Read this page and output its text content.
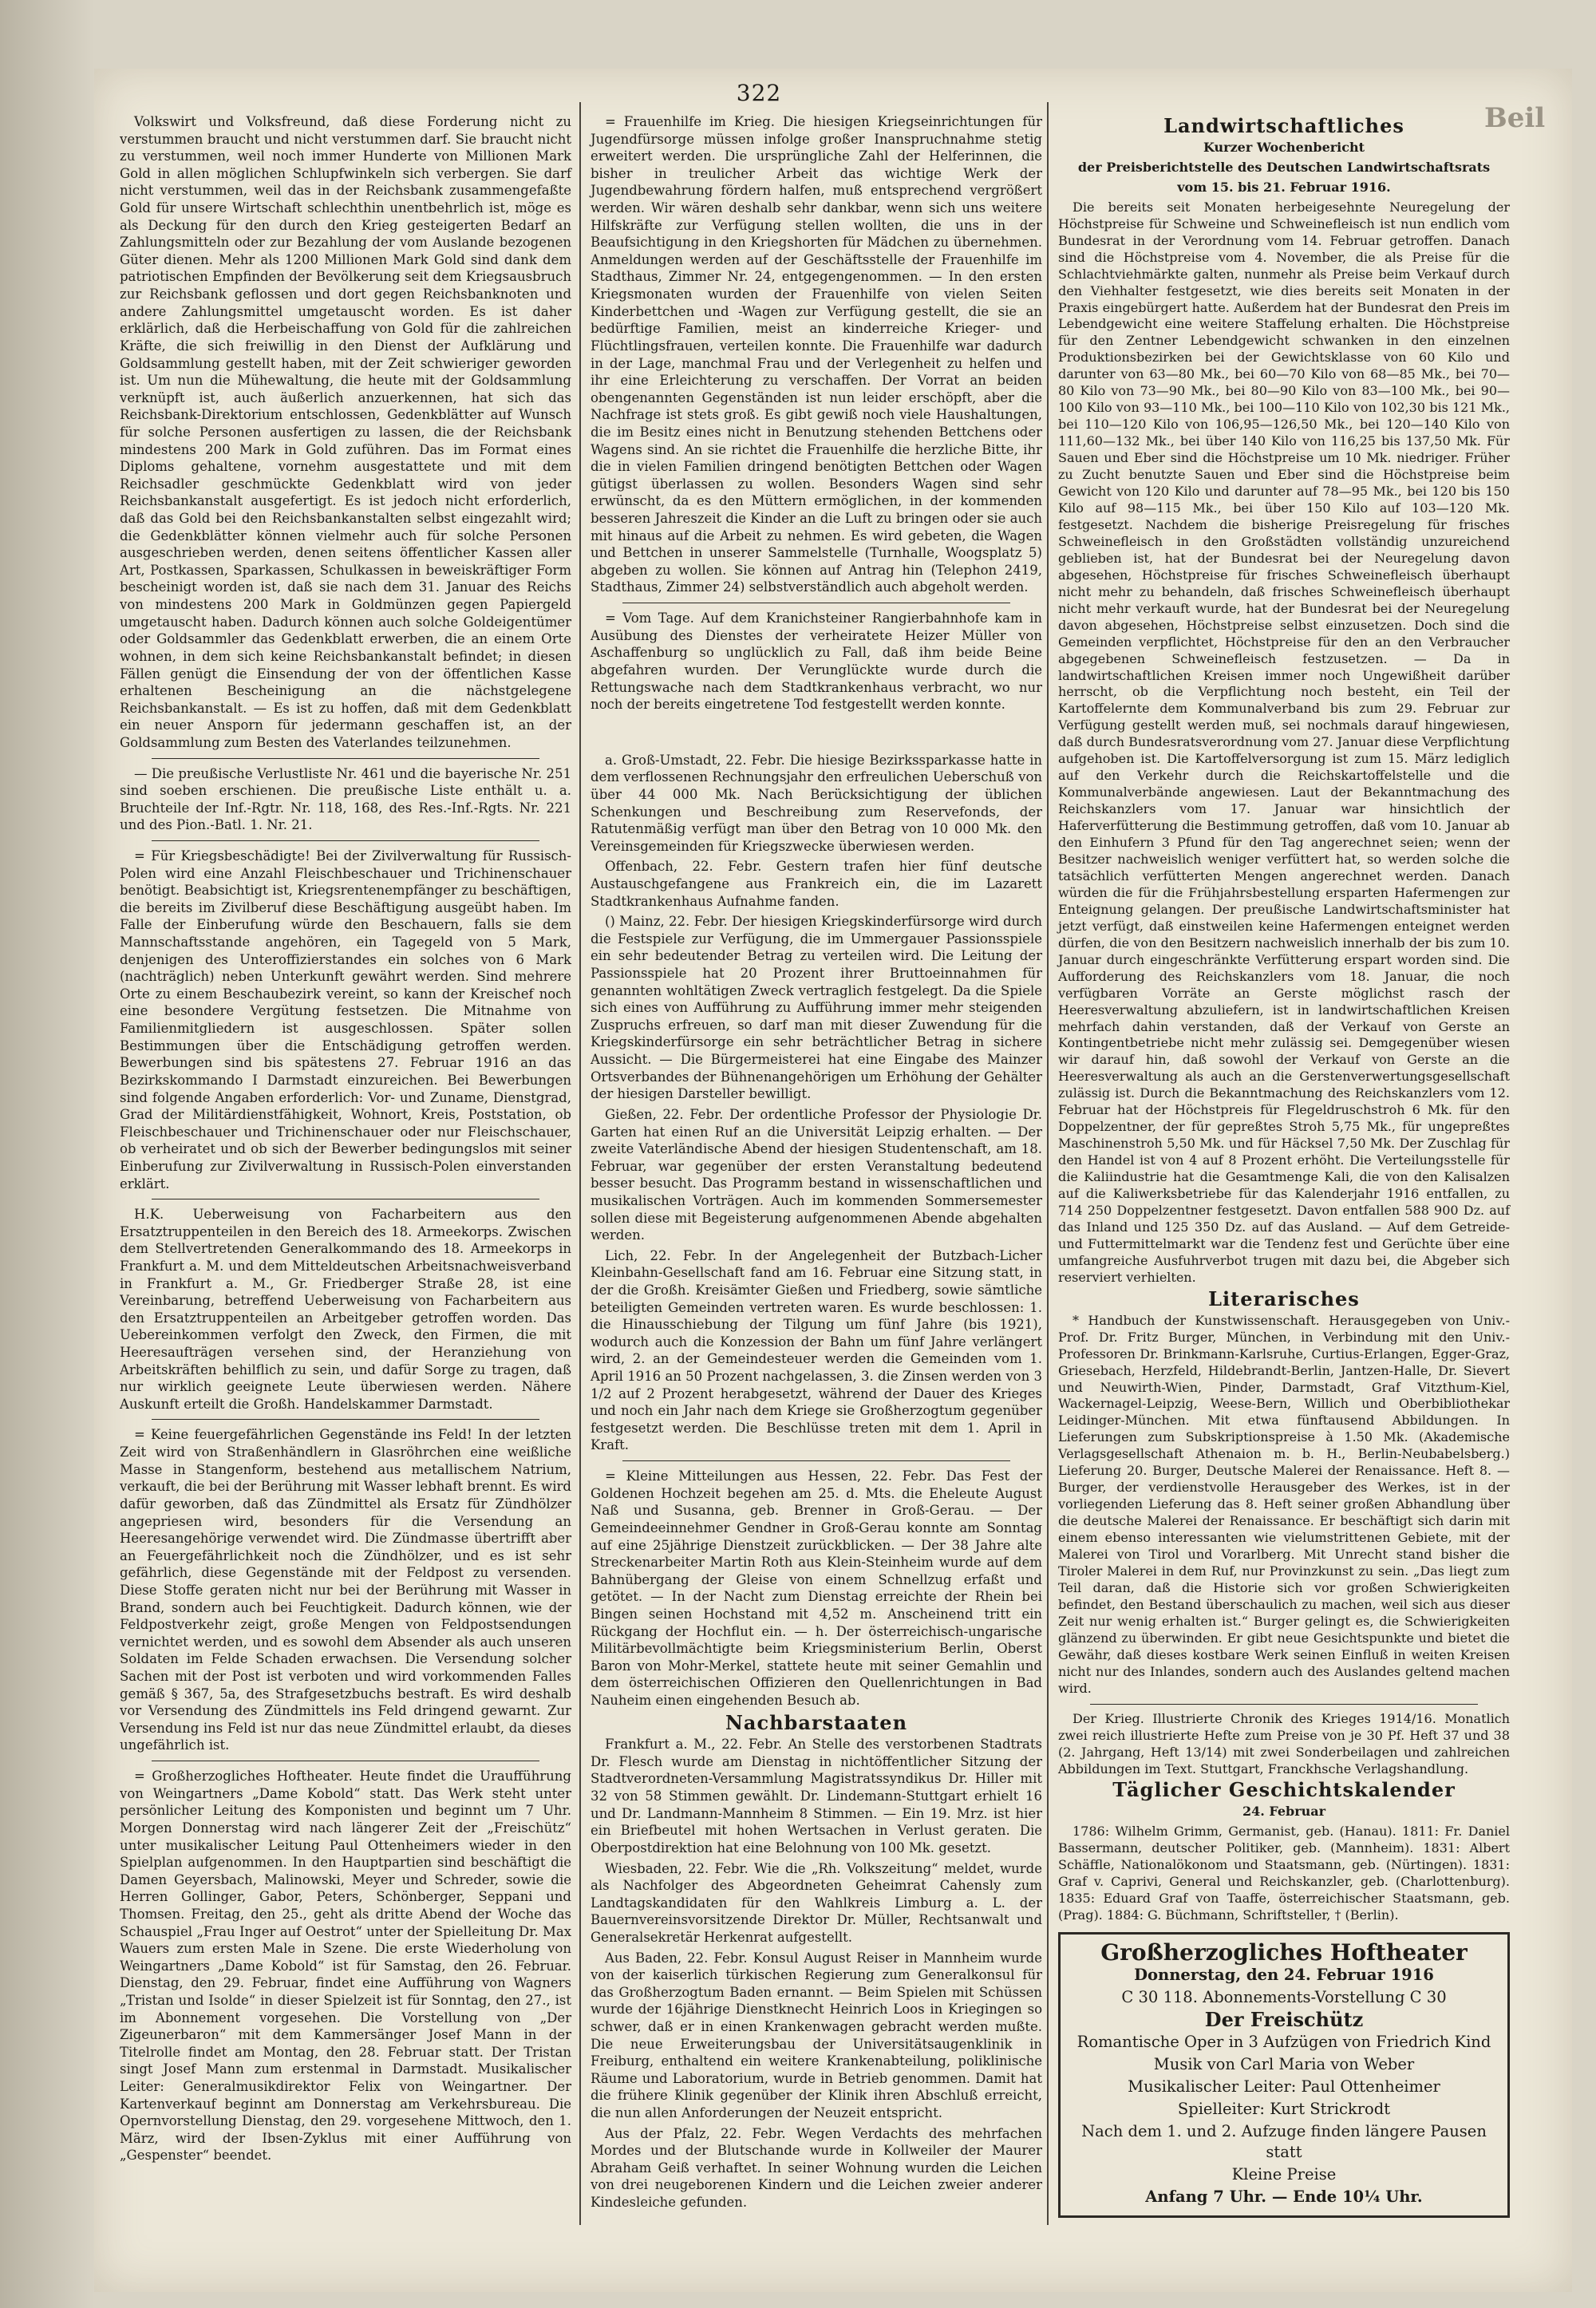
322

Volkswirt und Volksfreund, daß diese Forderung nicht zu verstummen braucht und nicht verstummen darf. Sie braucht nicht zu verstummen, weil noch immer Hunderte von Millionen Mark Gold in allen möglichen Schlupfwinkeln sich verbergen. Sie darf nicht verstummen, weil das in der Reichsbank zusammengefaßte Gold für unsere Wirtschaft schlechthin unentbehrlich ist, möge es als Deckung für den durch den Krieg gesteigerten Bedarf an Zahlungsmitteln oder zur Bezahlung der vom Auslande bezogenen Güter dienen. Mehr als 1200 Millionen Mark Gold sind dank dem patriotischen Empfinden der Bevölkerung seit dem Kriegsausbruch zur Reichsbank geflossen und dort gegen Reichsbanknoten und andere Zahlungsmittel umgetauscht worden. Es ist daher erklärlich, daß die Herbeischaffung von Gold für die zahlreichen Kräfte, die sich freiwillig in den Dienst der Aufklärung und Goldsammlung gestellt haben, mit der Zeit schwieriger geworden ist. Um nun die Mühewaltung, die heute mit der Goldsammlung verknüpft ist, auch äußerlich anzuerkennen, hat sich das Reichsbank-Direktorium entschlossen, Gedenkblätter auf Wunsch für solche Personen ausfertigen zu lassen, die der Reichsbank mindestens 200 Mark in Gold zuführen. Das im Format eines Diploms gehaltene, vornehm ausgestattete und mit dem Reichsadler geschmückte Gedenkblatt wird von jeder Reichsbankanstalt ausgefertigt. Es ist jedoch nicht erforderlich, daß das Gold bei den Reichsbankanstalten selbst eingezahlt wird; die Gedenkblätter können vielmehr auch für solche Personen ausgeschrieben werden, denen seitens öffentlicher Kassen aller Art, Postkassen, Sparkassen, Schulkassen in beweiskräftiger Form bescheinigt worden ist, daß sie nach dem 31. Januar des Reichs von mindestens 200 Mark in Goldmünzen gegen Papiergeld umgetauscht haben. Dadurch können auch solche Goldeigentümer oder Goldsammler das Gedenkblatt erwerben, die an einem Orte wohnen, in dem sich keine Reichsbankanstalt befindet; in diesen Fällen genügt die Einsendung der von der öffentlichen Kasse erhaltenen Bescheinigung an die nächstgelegene Reichsbankanstalt. — Es ist zu hoffen, daß mit dem Gedenkblatt ein neuer Ansporn für jedermann geschaffen ist, an der Goldsammlung zum Besten des Vaterlandes teilzunehmen.

— Die preußische Verlustliste Nr. 461 und die bayerische Nr. 251 sind soeben erschienen. Die preußische Liste enthält u. a. Bruchteile der Inf.-Rgtr. Nr. 118, 168, des Res.-Inf.-Rgts. Nr. 221 und des Pion.-Batl. 1. Nr. 21.

= Für Kriegsbeschädigte! Bei der Zivilverwaltung für Russisch-Polen wird eine Anzahl Fleischbeschauer und Trichinenschauer benötigt. Beabsichtigt ist, Kriegsrentenempfänger zu beschäftigen, die bereits im Zivilberuf diese Beschäftigung ausgeübt haben. Im Falle der Einberufung würde den Beschauern, falls sie dem Mannschaftsstande angehören, ein Tagegeld von 5 Mark, denjenigen des Unteroffizierstandes ein solches von 6 Mark (nachträglich) neben Unterkunft gewährt werden. Sind mehrere Orte zu einem Beschaubezirk vereint, so kann der Kreischef noch eine besondere Vergütung festsetzen. Die Mitnahme von Familienmitgliedern ist ausgeschlossen. Später sollen Bestimmungen über die Entschädigung getroffen werden. Bewerbungen sind bis spätestens 27. Februar 1916 an das Bezirkskommando I Darmstadt einzureichen. Bei Bewerbungen sind folgende Angaben erforderlich: Vor- und Zuname, Dienstgrad, Grad der Militärdienstfähigkeit, Wohnort, Kreis, Poststation, ob Fleischbeschauer und Trichinenschauer oder nur Fleischschauer, ob verheiratet und ob sich der Bewerber bedingungslos mit seiner Einberufung zur Zivilverwaltung in Russisch-Polen einverstanden erklärt.

H.K. Ueberweisung von Facharbeitern aus den Ersatztruppenteilen in den Bereich des 18. Armeekorps. Zwischen dem Stellvertretenden Generalkommando des 18. Armeekorps in Frankfurt a. M. und dem Mitteldeutschen Arbeitsnachweisverband in Frankfurt a. M., Gr. Friedberger Straße 28, ist eine Vereinbarung, betreffend Ueberweisung von Facharbeitern aus den Ersatztruppenteilen an Arbeitgeber getroffen worden. Das Uebereinkommen verfolgt den Zweck, den Firmen, die mit Heeresaufträgen versehen sind, der Heranziehung von Arbeitskräften behilflich zu sein, und dafür Sorge zu tragen, daß nur wirklich geeignete Leute überwiesen werden. Nähere Auskunft erteilt die Großh. Handelskammer Darmstadt.

= Keine feuergefährlichen Gegenstände ins Feld! In der letzten Zeit wird von Straßenhändlern in Glasröhrchen eine weißliche Masse in Stangenform, bestehend aus metallischem Natrium, verkauft, die bei der Berührung mit Wasser lebhaft brennt. Es wird dafür geworben, daß das Zündmittel als Ersatz für Zündhölzer angepriesen wird, besonders für die Versendung an Heeresangehörige verwendet wird. Die Zündmasse übertrifft aber an Feuergefährlichkeit noch die Zündhölzer, und es ist sehr gefährlich, diese Gegenstände mit der Feldpost zu versenden. Diese Stoffe geraten nicht nur bei der Berührung mit Wasser in Brand, sondern auch bei Feuchtigkeit. Dadurch können, wie der Feldpostverkehr zeigt, große Mengen von Feldpostsendungen vernichtet werden, und es sowohl dem Absender als auch unseren Soldaten im Felde Schaden erwachsen. Die Versendung solcher Sachen mit der Post ist verboten und wird vorkommenden Falles gemäß § 367, 5a, des Strafgesetzbuchs bestraft. Es wird deshalb vor Versendung des Zündmittels ins Feld dringend gewarnt. Zur Versendung ins Feld ist nur das neue Zündmittel erlaubt, da dieses ungefährlich ist.

= Großherzogliches Hoftheater. Heute findet die Uraufführung von Weingartners „Dame Kobold“ statt. Das Werk steht unter persönlicher Leitung des Komponisten und beginnt um 7 Uhr. Morgen Donnerstag wird nach längerer Zeit der „Freischütz“ unter musikalischer Leitung Paul Ottenheimers wieder in den Spielplan aufgenommen. In den Hauptpartien sind beschäftigt die Damen Geyersbach, Malinowski, Meyer und Schreder, sowie die Herren Gollinger, Gabor, Peters, Schönberger, Seppani und Thomsen. Freitag, den 25., geht als dritte Abend der Woche das Schauspiel „Frau Inger auf Oestrot“ unter der Spielleitung Dr. Max Wauers zum ersten Male in Szene. Die erste Wiederholung von Weingartners „Dame Kobold“ ist für Samstag, den 26. Februar. Dienstag, den 29. Februar, findet eine Aufführung von Wagners „Tristan und Isolde“ in dieser Spielzeit ist für Sonntag, den 27., ist im Abonnement vorgesehen. Die Vorstellung von „Der Zigeunerbaron“ mit dem Kammersänger Josef Mann in der Titelrolle findet am Montag, den 28. Februar statt. Der Tristan singt Josef Mann zum erstenmal in Darmstadt. Musikalischer Leiter: Generalmusikdirektor Felix von Weingartner. Der Kartenverkauf beginnt am Donnerstag am Verkehrsbureau. Die Opernvorstellung Dienstag, den 29. vorgesehene Mittwoch, den 1. März, wird der Ibsen-Zyklus mit einer Aufführung von „Gespenster“ beendet.

= Frauenhilfe im Krieg. Die hiesigen Kriegseinrichtungen für Jugendfürsorge müssen infolge großer Inanspruchnahme stetig erweitert werden. Die ursprüngliche Zahl der Helferinnen, die bisher in treulicher Arbeit das wichtige Werk der Jugendbewahrung fördern halfen, muß entsprechend vergrößert werden. Wir wären deshalb sehr dankbar, wenn sich uns weitere Hilfskräfte zur Verfügung stellen wollten, die uns in der Beaufsichtigung in den Kriegshorten für Mädchen zu übernehmen. Anmeldungen werden auf der Geschäftsstelle der Frauenhilfe im Stadthaus, Zimmer Nr. 24, entgegengenommen. — In den ersten Kriegsmonaten wurden der Frauenhilfe von vielen Seiten Kinderbettchen und -Wagen zur Verfügung gestellt, die sie an bedürftige Familien, meist an kinderreiche Krieger- und Flüchtlingsfrauen, verteilen konnte. Die Frauenhilfe war dadurch in der Lage, manchmal Frau und der Verlegenheit zu helfen und ihr eine Erleichterung zu verschaffen. Der Vorrat an beiden obengenannten Gegenständen ist nun leider erschöpft, aber die Nachfrage ist stets groß. Es gibt gewiß noch viele Haushaltungen, die im Besitz eines nicht in Benutzung stehenden Bettchens oder Wagens sind. An sie richtet die Frauenhilfe die herzliche Bitte, ihr die in vielen Familien dringend benötigten Bettchen oder Wagen gütigst überlassen zu wollen. Besonders Wagen sind sehr erwünscht, da es den Müttern ermöglichen, in der kommenden besseren Jahreszeit die Kinder an die Luft zu bringen oder sie auch mit hinaus auf die Arbeit zu nehmen. Es wird gebeten, die Wagen und Bettchen in unserer Sammelstelle (Turnhalle, Woogsplatz 5) abgeben zu wollen. Sie können auf Antrag hin (Telephon 2419, Stadthaus, Zimmer 24) selbstverständlich auch abgeholt werden.

= Vom Tage. Auf dem Kranichsteiner Rangierbahnhofe kam in Ausübung des Dienstes der verheiratete Heizer Müller von Aschaffenburg so unglücklich zu Fall, daß ihm beide Beine abgefahren wurden. Der Verunglückte wurde durch die Rettungswache nach dem Stadtkrankenhaus verbracht, wo nur noch der bereits eingetretene Tod festgestellt werden konnte.

a. Groß-Umstadt, 22. Febr. Die hiesige Bezirkssparkasse hatte in dem verflossenen Rechnungsjahr den erfreulichen Ueberschuß von über 44 000 Mk. Nach Berücksichtigung der üblichen Schenkungen und Beschreibung zum Reservefonds, der Ratutenmäßig verfügt man über den Betrag von 10 000 Mk. den Vereinsgemeinden für Kriegszwecke überwiesen werden.

Offenbach, 22. Febr. Gestern trafen hier fünf deutsche Austauschgefangene aus Frankreich ein, die im Lazarett Stadtkrankenhaus Aufnahme fanden.

() Mainz, 22. Febr. Der hiesigen Kriegskinderfürsorge wird durch die Festspiele zur Verfügung, die im Ummergauer Passionsspiele ein sehr bedeutender Betrag zu verteilen wird. Die Leitung der Passionsspiele hat 20 Prozent ihrer Bruttoeinnahmen für genannten wohltätigen Zweck vertraglich festgelegt. Da die Spiele sich eines von Aufführung zu Aufführung immer mehr steigenden Zuspruchs erfreuen, so darf man mit dieser Zuwendung für die Kriegskinderfürsorge ein sehr beträchtlicher Betrag in sichere Aussicht. — Die Bürgermeisterei hat eine Eingabe des Mainzer Ortsverbandes der Bühnenangehörigen um Erhöhung der Gehälter der hiesigen Darsteller bewilligt.

Gießen, 22. Febr. Der ordentliche Professor der Physiologie Dr. Garten hat einen Ruf an die Universität Leipzig erhalten. — Der zweite Vaterländische Abend der hiesigen Studentenschaft, am 18. Februar, war gegenüber der ersten Veranstaltung bedeutend besser besucht. Das Programm bestand in wissenschaftlichen und musikalischen Vorträgen. Auch im kommenden Sommersemester sollen diese mit Begeisterung aufgenommenen Abende abgehalten werden.

Lich, 22. Febr. In der Angelegenheit der Butzbach-Licher Kleinbahn-Gesellschaft fand am 16. Februar eine Sitzung statt, in der die Großh. Kreisämter Gießen und Friedberg, sowie sämtliche beteiligten Gemeinden vertreten waren. Es wurde beschlossen: 1. die Hinausschiebung der Tilgung um fünf Jahre (bis 1921), wodurch auch die Konzession der Bahn um fünf Jahre verlängert wird, 2. an der Gemeindesteuer werden die Gemeinden vom 1. April 1916 an 50 Prozent nachgelassen, 3. die Zinsen werden von 3 1/2 auf 2 Prozent herabgesetzt, während der Dauer des Krieges und noch ein Jahr nach dem Kriege sie Großherzogtum gegenüber festgesetzt werden. Die Beschlüsse treten mit dem 1. April in Kraft.

= Kleine Mitteilungen aus Hessen, 22. Febr. Das Fest der Goldenen Hochzeit begehen am 25. d. Mts. die Eheleute August Naß und Susanna, geb. Brenner in Groß-Gerau. — Der Gemeindeeinnehmer Gendner in Groß-Gerau konnte am Sonntag auf eine 25jährige Dienstzeit zurückblicken. — Der 38 Jahre alte Streckenarbeiter Martin Roth aus Klein-Steinheim wurde auf dem Bahnübergang der Gleise von einem Schnellzug erfaßt und getötet. — In der Nacht zum Dienstag erreichte der Rhein bei Bingen seinen Hochstand mit 4,52 m. Anscheinend tritt ein Rückgang der Hochflut ein. — h. Der österreichisch-ungarische Militärbevollmächtigte beim Kriegsministerium Berlin, Oberst Baron von Mohr-Merkel, stattete heute mit seiner Gemahlin und dem österreichischen Offizieren den Quellenrichtungen in Bad Nauheim einen eingehenden Besuch ab.

Nachbarstaaten

Frankfurt a. M., 22. Febr. An Stelle des verstorbenen Stadtrats Dr. Flesch wurde am Dienstag in nichtöffentlicher Sitzung der Stadtverordneten-Versammlung Magistratssyndikus Dr. Hiller mit 32 von 58 Stimmen gewählt. Dr. Lindemann-Stuttgart erhielt 16 und Dr. Landmann-Mannheim 8 Stimmen. — Ein 19. Mrz. ist hier ein Briefbeutel mit hohen Wertsachen in Verlust geraten. Die Oberpostdirektion hat eine Belohnung von 100 Mk. gesetzt.

Wiesbaden, 22. Febr. Wie die „Rh. Volkszeitung“ meldet, wurde als Nachfolger des Abgeordneten Geheimrat Cahensly zum Landtagskandidaten für den Wahlkreis Limburg a. L. der Bauernvereinsvorsitzende Direktor Dr. Müller, Rechtsanwalt und Generalsekretär Herkenrat aufgestellt.

Aus Baden, 22. Febr. Konsul August Reiser in Mannheim wurde von der kaiserlich türkischen Regierung zum Generalkonsul für das Großherzogtum Baden ernannt. — Beim Spielen mit Schüssen wurde der 16jährige Dienstknecht Heinrich Loos in Kriegingen so schwer, daß er in einen Krankenwagen gebracht werden mußte. Die neue Erweiterungsbau der Universitätsaugenklinik in Freiburg, enthaltend ein weitere Krankenabteilung, poliklinische Räume und Laboratorium, wurde in Betrieb genommen. Damit hat die frühere Klinik gegenüber der Klinik ihren Abschluß erreicht, die nun allen Anforderungen der Neuzeit entspricht.

Aus der Pfalz, 22. Febr. Wegen Verdachts des mehrfachen Mordes und der Blutschande wurde in Kollweiler der Maurer Abraham Geiß verhaftet. In seiner Wohnung wurden die Leichen von drei neugeborenen Kindern und die Leichen zweier anderer Kindesleiche gefunden.

Landwirtschaftliches

Kurzer Wochenbericht

der Preisberichtstelle des Deutschen Landwirtschaftsrats

vom 15. bis 21. Februar 1916.

Die bereits seit Monaten herbeigesehnte Neuregelung der Höchstpreise für Schweine und Schweinefleisch ist nun endlich vom Bundesrat in der Verordnung vom 14. Februar getroffen. Danach sind die Höchstpreise vom 4. November, die als Preise für die Schlachtviehmärkte galten, nunmehr als Preise beim Verkauf durch den Viehhalter festgesetzt, wie dies bereits seit Monaten in der Praxis eingebürgert hatte. Außerdem hat der Bundesrat den Preis im Lebendgewicht eine weitere Staffelung erhalten. Die Höchstpreise für den Zentner Lebendgewicht schwanken in den einzelnen Produktionsbezirken bei der Gewichtsklasse von 60 Kilo und darunter von 63—80 Mk., bei 60—70 Kilo von 68—85 Mk., bei 70—80 Kilo von 73—90 Mk., bei 80—90 Kilo von 83—100 Mk., bei 90—100 Kilo von 93—110 Mk., bei 100—110 Kilo von 102,30 bis 121 Mk., bei 110—120 Kilo von 106,95—126,50 Mk., bei 120—140 Kilo von 111,60—132 Mk., bei über 140 Kilo von 116,25 bis 137,50 Mk. Für Sauen und Eber sind die Höchstpreise um 10 Mk. niedriger. Früher zu Zucht benutzte Sauen und Eber sind die Höchstpreise beim Gewicht von 120 Kilo und darunter auf 78—95 Mk., bei 120 bis 150 Kilo auf 98—115 Mk., bei über 150 Kilo auf 103—120 Mk. festgesetzt. Nachdem die bisherige Preisregelung für frisches Schweinefleisch in den Großstädten vollständig unzureichend geblieben ist, hat der Bundesrat bei der Neuregelung davon abgesehen, Höchstpreise für frisches Schweinefleisch überhaupt nicht mehr zu behandeln, daß frisches Schweinefleisch überhaupt nicht mehr verkauft wurde, hat der Bundesrat bei der Neuregelung davon abgesehen, Höchstpreise selbst einzusetzen. Doch sind die Gemeinden verpflichtet, Höchstpreise für den an den Verbraucher abgegebenen Schweinefleisch festzusetzen. — Da in landwirtschaftlichen Kreisen immer noch Ungewißheit darüber herrscht, ob die Verpflichtung noch besteht, ein Teil der Kartoffelernte dem Kommunalverband bis zum 29. Februar zur Verfügung gestellt werden muß, sei nochmals darauf hingewiesen, daß durch Bundesratsverordnung vom 27. Januar diese Verpflichtung aufgehoben ist. Die Kartoffelversorgung ist zum 15. März lediglich auf den Verkehr durch die Reichskartoffelstelle und die Kommunalverbände angewiesen. Laut der Bekanntmachung des Reichskanzlers vom 17. Januar war hinsichtlich der Haferverfütterung die Bestimmung getroffen, daß vom 10. Januar ab den Einhufern 3 Pfund für den Tag angerechnet seien; wenn der Besitzer nachweislich weniger verfüttert hat, so werden solche die tatsächlich verfütterten Mengen angerechnet werden. Danach würden die für die Frühjahrsbestellung ersparten Hafermengen zur Enteignung gelangen. Der preußische Landwirtschaftsminister hat jetzt verfügt, daß einstweilen keine Hafermengen enteignet werden dürfen, die von den Besitzern nachweislich innerhalb der bis zum 10. Januar durch eingeschränkte Verfütterung erspart worden sind. Die Aufforderung des Reichskanzlers vom 18. Januar, die noch verfügbaren Vorräte an Gerste möglichst rasch der Heeresverwaltung abzuliefern, ist in landwirtschaftlichen Kreisen mehrfach dahin verstanden, daß der Verkauf von Gerste an Kontingentbetriebe nicht mehr zulässig sei. Demgegenüber wiesen wir darauf hin, daß sowohl der Verkauf von Gerste an die Heeresverwaltung als auch an die Gerstenverwertungsgesellschaft zulässig ist. Durch die Bekanntmachung des Reichskanzlers vom 12. Februar hat der Höchstpreis für Flegeldruschstroh 6 Mk. für den Doppelzentner, der für gepreßtes Stroh 5,75 Mk., für ungepreßtes Maschinenstroh 5,50 Mk. und für Häcksel 7,50 Mk. Der Zuschlag für den Handel ist von 4 auf 8 Prozent erhöht. Die Verteilungsstelle für die Kaliindustrie hat die Gesamtmenge Kali, die von den Kalisalzen auf die Kaliwerksbetriebe für das Kalenderjahr 1916 entfallen, zu 714 250 Doppelzentner festgesetzt. Davon entfallen 588 900 Dz. auf das Inland und 125 350 Dz. auf das Ausland. — Auf dem Getreide- und Futtermittelmarkt war die Tendenz fest und Gerüchte über eine umfangreiche Ausfuhrverbot trugen mit dazu bei, die Abgeber sich reserviert verhielten.

Literarisches

* Handbuch der Kunstwissenschaft. Herausgegeben von Univ.-Prof. Dr. Fritz Burger, München, in Verbindung mit den Univ.-Professoren Dr. Brinkmann-Karlsruhe, Curtius-Erlangen, Egger-Graz, Griesebach, Herzfeld, Hildebrandt-Berlin, Jantzen-Halle, Dr. Sievert und Neuwirth-Wien, Pinder, Darmstadt, Graf Vitzthum-Kiel, Wackernagel-Leipzig, Weese-Bern, Willich und Oberbibliothekar Leidinger-München. Mit etwa fünftausend Abbildungen. In Lieferungen zum Subskriptionspreise à 1.50 Mk. (Akademische Verlagsgesellschaft Athenaion m. b. H., Berlin-Neubabelsberg.) Lieferung 20. Burger, Deutsche Malerei der Renaissance. Heft 8. — Burger, der verdienstvolle Herausgeber des Werkes, ist in der vorliegenden Lieferung das 8. Heft seiner großen Abhandlung über die deutsche Malerei der Renaissance. Er beschäftigt sich darin mit einem ebenso interessanten wie vielumstrittenen Gebiete, mit der Malerei von Tirol und Vorarlberg. Mit Unrecht stand bisher die Tiroler Malerei in dem Ruf, nur Provinzkunst zu sein. „Das liegt zum Teil daran, daß die Historie sich vor großen Schwierigkeiten befindet, den Bestand überschaulich zu machen, weil sich aus dieser Zeit nur wenig erhalten ist.“ Burger gelingt es, die Schwierigkeiten glänzend zu überwinden. Er gibt neue Gesichtspunkte und bietet die Gewähr, daß dieses kostbare Werk seinen Einfluß in weiten Kreisen nicht nur des Inlandes, sondern auch des Auslandes geltend machen wird.

Der Krieg. Illustrierte Chronik des Krieges 1914/16. Monatlich zwei reich illustrierte Hefte zum Preise von je 30 Pf. Heft 37 und 38 (2. Jahrgang, Heft 13/14) mit zwei Sonderbeilagen und zahlreichen Abbildungen im Text. Stuttgart, Franckhsche Verlagshandlung.

Täglicher Geschichtskalender

24. Februar

1786: Wilhelm Grimm, Germanist, geb. (Hanau). 1811: Fr. Daniel Bassermann, deutscher Politiker, geb. (Mannheim). 1831: Albert Schäffle, Nationalökonom und Staatsmann, geb. (Nürtingen). 1831: Graf v. Caprivi, General und Reichskanzler, geb. (Charlottenburg). 1835: Eduard Graf von Taaffe, österreichischer Staatsmann, geb. (Prag). 1884: G. Büchmann, Schriftsteller, † (Berlin).

Großherzogliches Hoftheater
Donnerstag, den 24. Februar 1916
C 30 118. Abonnements-Vorstellung C 30
Der Freischütz
Romantische Oper in 3 Aufzügen von Friedrich Kind
Musik von Carl Maria von Weber
Musikalischer Leiter: Paul Ottenheimer
Spielleiter: Kurt Strickrodt
Nach dem 1. und 2. Aufzuge finden längere Pausen statt
Kleine Preise
Anfang 7 Uhr. — Ende 10¼ Uhr.
Beil
